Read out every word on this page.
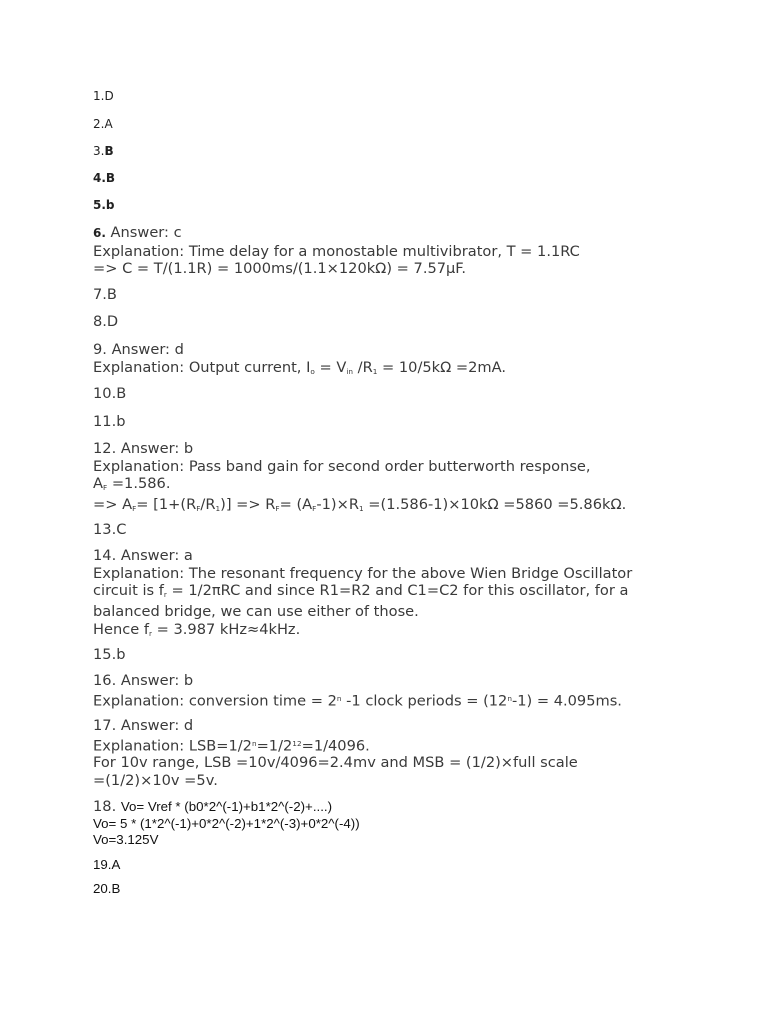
1.D
2.A
3.B
4.B
5.b
6. Answer: c
Explanation: Time delay for a monostable multivibrator, T = 1.1RC
=> C = T/(1.1R) = 1000ms/(1.1×120kΩ) = 7.57μF.
7.B
8.D
9. Answer: d
Explanation: Output current, $I_o = V_{in}$ $/R_1 = 10/5k\Omega =2mA$.
10.B
11.b
12. Answer: b
Explanation: Pass band gain for second order butterworth response,
$A_F =1.586$.
=> $A_F= [1+(R_F/R_1)] => R_F= (A_F-1)\times R_1 =(1.586-1)\times 10k\Omega =5860 =5.86k\Omega$.
13.C
14. Answer: a
Explanation: The resonant frequency for the above Wien Bridge Oscillator
circuit is $f_r = 1/2\pi RC$ and since R1=R2 and C1=C2 for this oscillator, for a
balanced bridge, we can use either of those.
Hence $f_r = 3.987$ kHz≈4kHz.
15.b
16. Answer: b
Explanation: conversion time = $2^n$ -1 clock periods = $(12^n-1) = 4.095ms$.
17. Answer: d
Explanation: $LSB=1/2^n=1/2^{12}=1/4096$.
For 10v range, LSB =10v/4096=2.4mv and MSB = (1/2)×full scale
=(1/2)×10v =5v.
18. Vo= Vref * (b0*2^(-1)+b1*2^(-2)+....)
Vo= 5 * (1*2^(-1)+0*2^(-2)+1*2^(-3)+0*2^(-4))
Vo=3.125V
19.A
20.B
